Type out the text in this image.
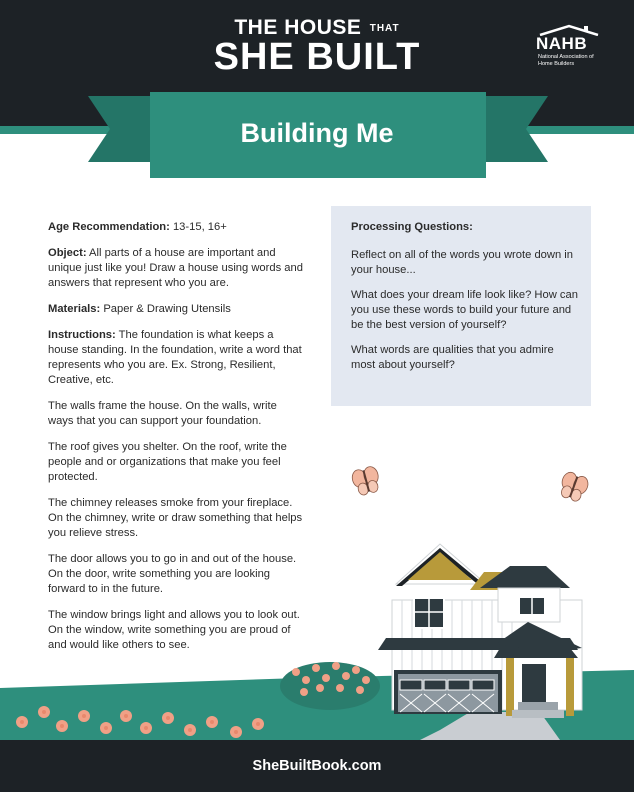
THE HOUSE THAT
SHE BUILT	NAHB
National Association of Home Builders
Building Me

Age Recommendation: 13-15, 16+

Object: All parts of a house are important and unique just like you! Draw a house using words and answers that represent who you are.

Materials: Paper & Drawing Utensils

Instructions: The foundation is what keeps a house standing. In the foundation, write a word that represents who you are. Ex. Strong, Resilient, Creative, etc.

The walls frame the house. On the walls, write ways that you can support your foundation.

The roof gives you shelter. On the roof, write the people and or organizations that make you feel protected.

The chimney releases smoke from your fireplace. On the chimney, write or draw something that helps you relieve stress.

The door allows you to go in and out of the house. On the door, write something you are looking forward to in the future.

The window brings light and allows you to look out. On the window, write something you are proud of and would like others to see.

Processing Questions:

Reflect on all of the words you wrote down in your house...

What does your dream life look like? How can you use these words to build your future and be the best version of yourself?

What words are qualities that you admire most about yourself?

SheBuiltBook.com
